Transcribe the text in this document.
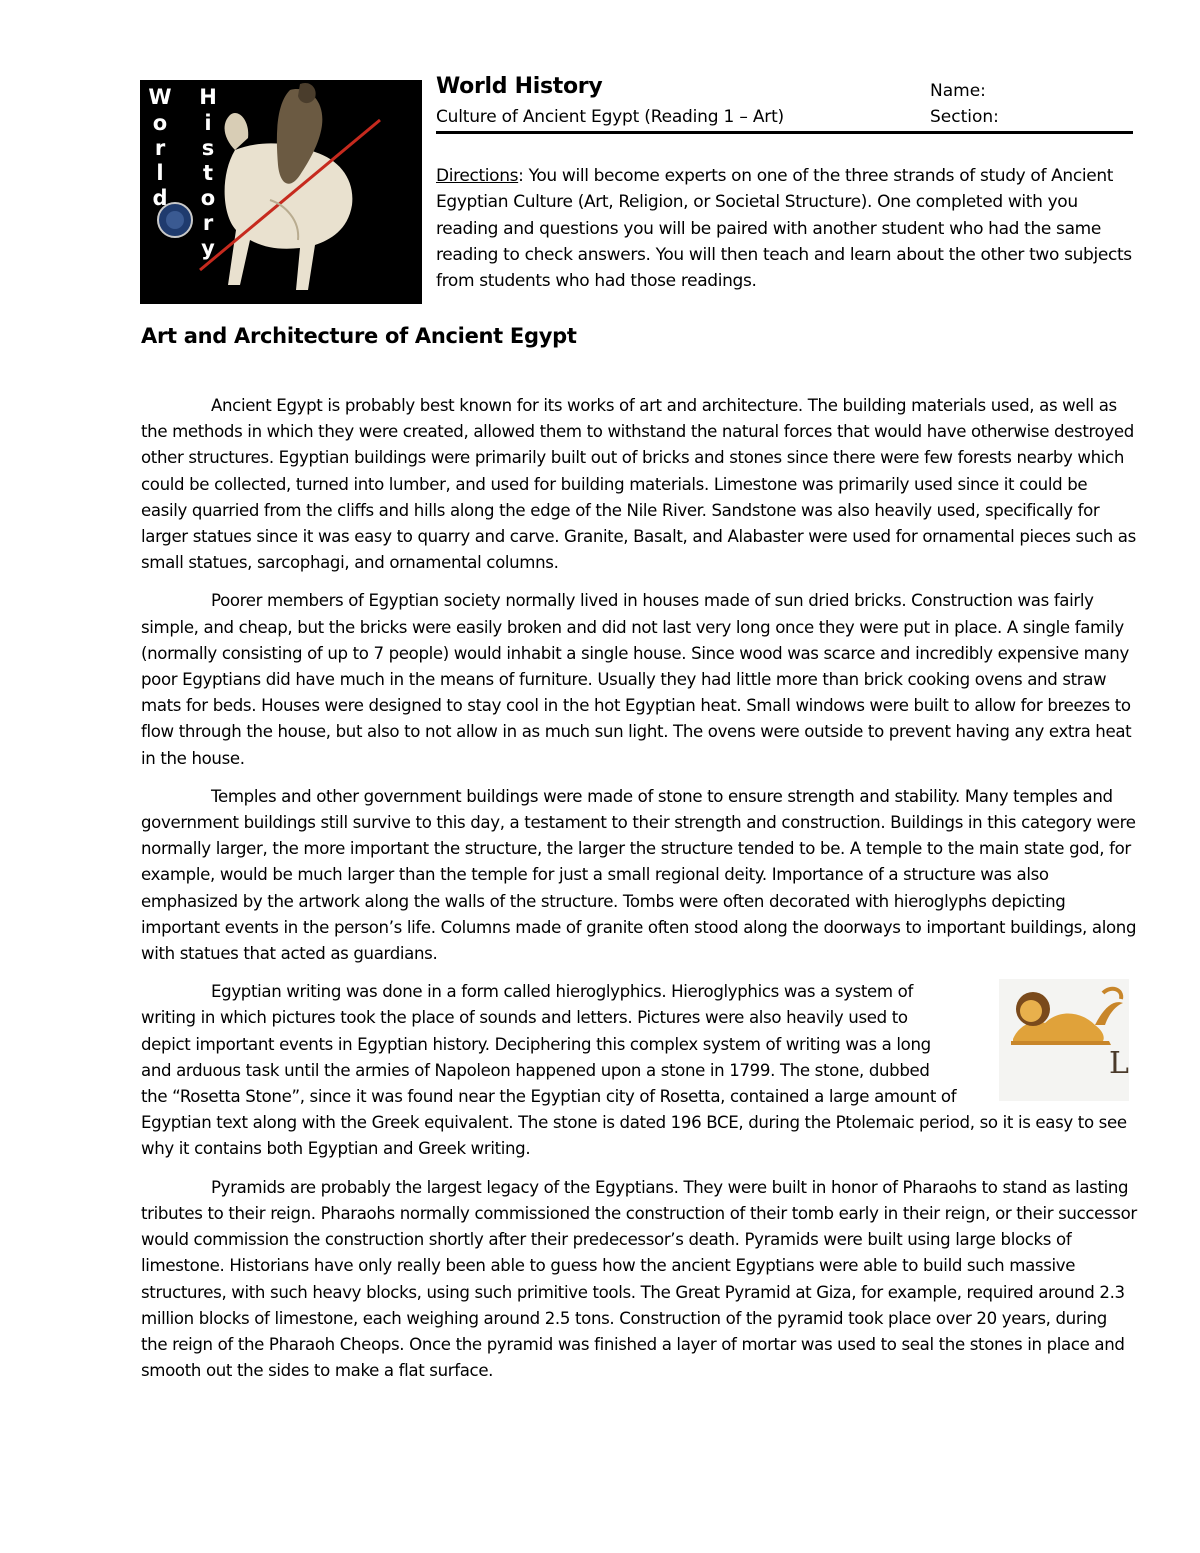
W
o
r
l
d
H
i
s
t
o
r
y
World History
Culture of Ancient Egypt (Reading 1 – Art)
Name:
Section:
Directions: You will become experts on one of the three strands of study of Ancient Egyptian Culture (Art, Religion, or Societal Structure). One completed with you reading and questions you will be paired with another student who had the same reading to check answers. You will then teach and learn about the other two subjects from students who had those readings.
Art and Architecture of Ancient Egypt

Ancient Egypt is probably best known for its works of art and architecture. The building materials used, as well as the methods in which they were created, allowed them to withstand the natural forces that would have otherwise destroyed other structures. Egyptian buildings were primarily built out of bricks and stones since there were few forests nearby which could be collected, turned into lumber, and used for building materials. Limestone was primarily used since it could be easily quarried from the cliffs and hills along the edge of the Nile River. Sandstone was also heavily used, specifically for larger statues since it was easy to quarry and carve. Granite, Basalt, and Alabaster were used for ornamental pieces such as small statues, sarcophagi, and ornamental columns.

Poorer members of Egyptian society normally lived in houses made of sun dried bricks. Construction was fairly simple, and cheap, but the bricks were easily broken and did not last very long once they were put in place. A single family (normally consisting of up to 7 people) would inhabit a single house. Since wood was scarce and incredibly expensive many poor Egyptians did have much in the means of furniture. Usually they had little more than brick cooking ovens and straw mats for beds. Houses were designed to stay cool in the hot Egyptian heat. Small windows were built to allow for breezes to flow through the house, but also to not allow in as much sun light. The ovens were outside to prevent having any extra heat in the house.

Temples and other government buildings were made of stone to ensure strength and stability. Many temples and government buildings still survive to this day, a testament to their strength and construction. Buildings in this category were normally larger, the more important the structure, the larger the structure tended to be. A temple to the main state god, for example, would be much larger than the temple for just a small regional deity. Importance of a structure was also emphasized by the artwork along the walls of the structure. Tombs were often decorated with hieroglyphs depicting important events in the person’s life. Columns made of granite often stood along the doorways to important buildings, along with statues that acted as guardians.

L
Egyptian writing was done in a form called hieroglyphics. Hieroglyphics was a system of writing in which pictures took the place of sounds and letters. Pictures were also heavily used to depict important events in Egyptian history. Deciphering this complex system of writing was a long and arduous task until the armies of Napoleon happened upon a stone in 1799. The stone, dubbed the “Rosetta Stone”, since it was found near the Egyptian city of Rosetta, contained a large amount of Egyptian text along with the Greek equivalent. The stone is dated 196 BCE, during the Ptolemaic period, so it is easy to see why it contains both Egyptian and Greek writing.

Pyramids are probably the largest legacy of the Egyptians. They were built in honor of Pharaohs to stand as lasting tributes to their reign. Pharaohs normally commissioned the construction of their tomb early in their reign, or their successor would commission the construction shortly after their predecessor’s death. Pyramids were built using large blocks of limestone. Historians have only really been able to guess how the ancient Egyptians were able to build such massive structures, with such heavy blocks, using such primitive tools. The Great Pyramid at Giza, for example, required around 2.3 million blocks of limestone, each weighing around 2.5 tons. Construction of the pyramid took place over 20 years, during the reign of the Pharaoh Cheops. Once the pyramid was finished a layer of mortar was used to seal the stones in place and smooth out the sides to make a flat surface.
